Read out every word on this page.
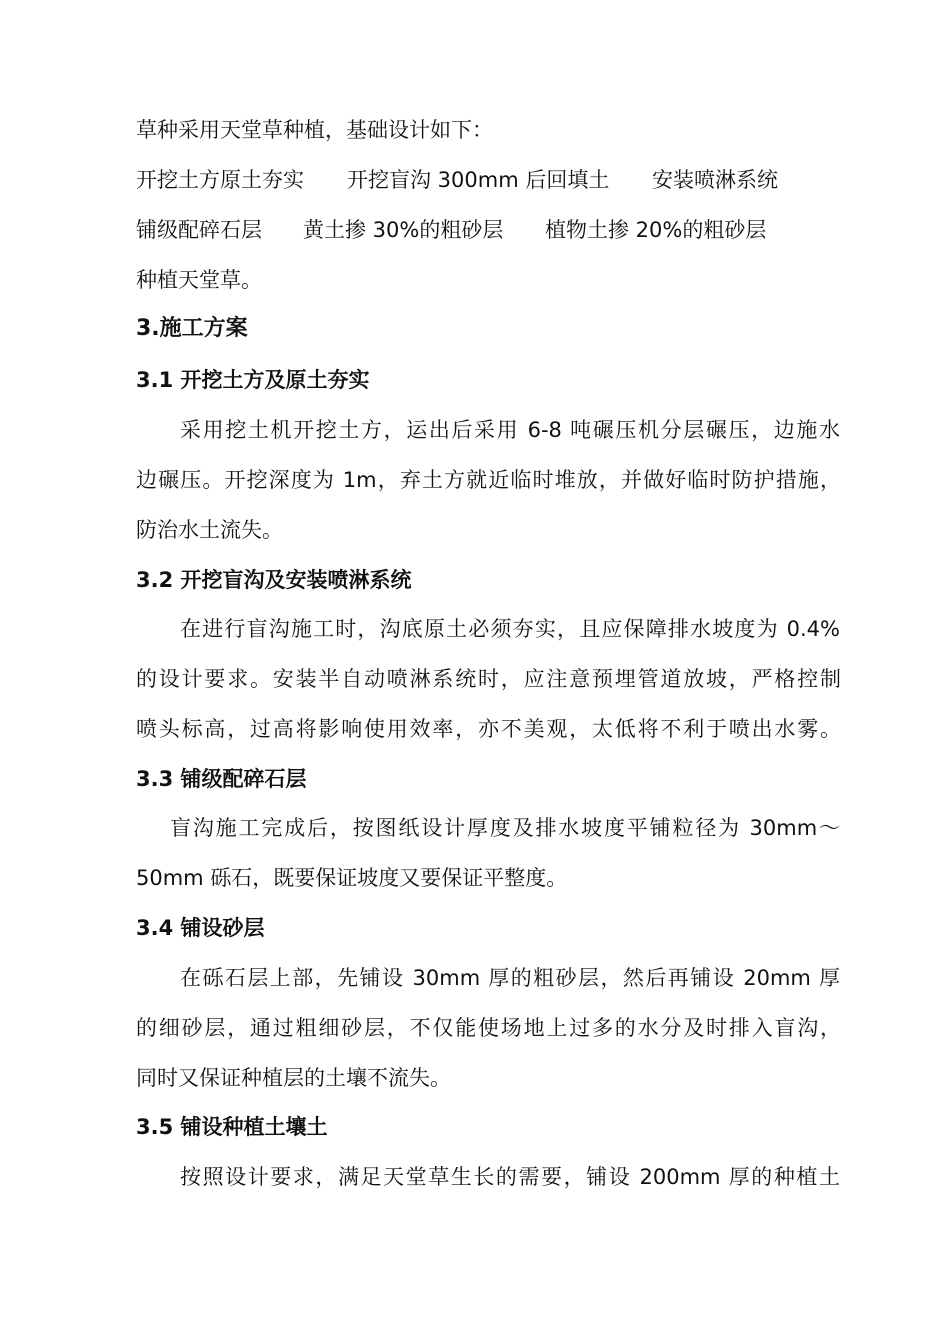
草种采用天堂草种植，基础设计如下：
开挖土方原土夯实 开挖盲沟 300mm 后回填土 安装喷淋系统
铺级配碎石层 黄土掺 30%的粗砂层 植物土掺 20%的粗砂层
种植天堂草。
3.施工方案
3.1 开挖土方及原土夯实
采用挖土机开挖土方，运出后采用 6-8 吨碾压机分层碾压，边施水
边碾压。开挖深度为 1m，弃土方就近临时堆放，并做好临时防护措施，
防治水土流失。
3.2 开挖盲沟及安装喷淋系统
在进行盲沟施工时，沟底原土必须夯实，且应保障排水坡度为 0.4%
的设计要求。安装半自动喷淋系统时，应注意预埋管道放坡，严格控制
喷头标高，过高将影响使用效率，亦不美观，太低将不利于喷出水雾。
3.3 铺级配碎石层
盲沟施工完成后，按图纸设计厚度及排水坡度平铺粒径为 30mm～
50mm 砾石，既要保证坡度又要保证平整度。
3.4 铺设砂层
在砾石层上部，先铺设 30mm 厚的粗砂层，然后再铺设 20mm 厚
的细砂层，通过粗细砂层，不仅能使场地上过多的水分及时排入盲沟，
同时又保证种植层的土壤不流失。
3.5 铺设种植土壤土
按照设计要求，满足天堂草生长的需要，铺设 200mm 厚的种植土
